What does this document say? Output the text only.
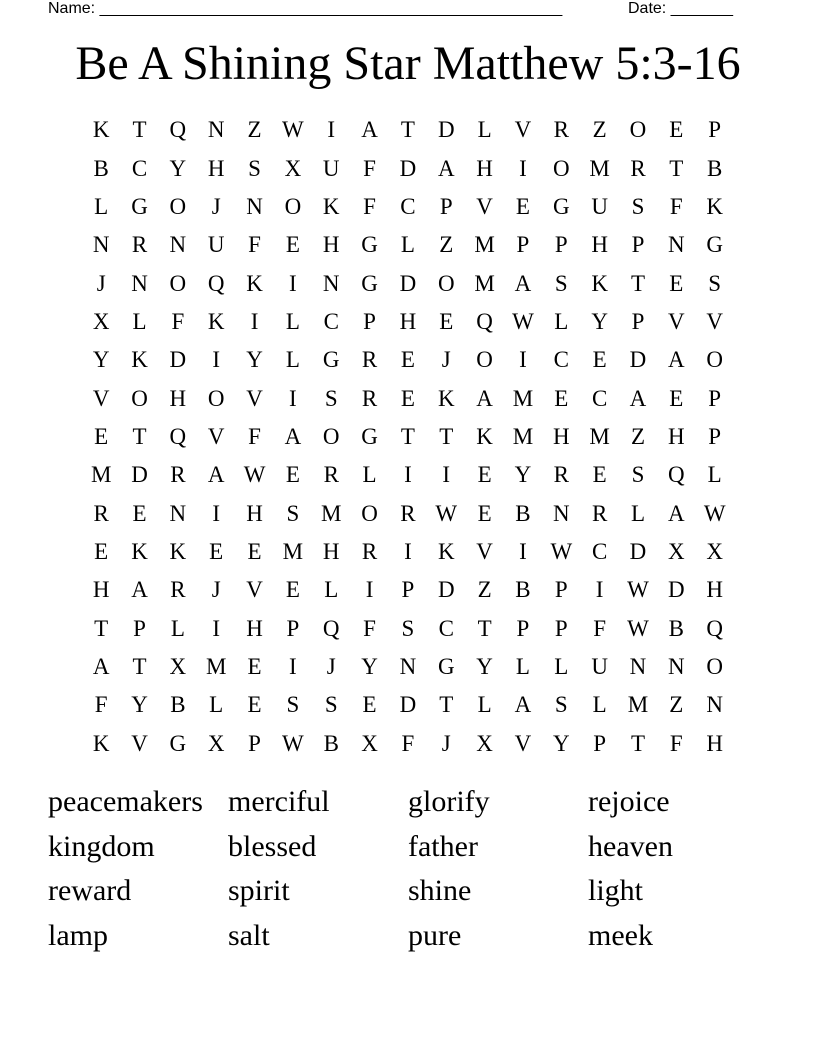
Name: ____________________________________________________	Date: _______
Be A Shining Star Matthew 5:3-16
K	T	Q N	Z W	I	A	T	D	L	V R	Z	O	E	P
B	C Y H	S	X U	F	D A H	I	O M R	T	B
L	G O	J	N O K	F	C	P	V	E	G U	S	F	K
N R N U	F	E	H G	L	Z M P	P	H	P	N G
J	N O Q K	I	N G D O M A	S	K	T	E	S
X	L	F	K	I	L	C	P	H	E	Q W L	Y	P	V V
Y K D	I	Y	L	G R	E	J	O	I	C	E	D A O
V O H O V	I	S	R	E	K A M E	C A	E	P
E	T	Q V	F	A O G	T	T	K M H M Z	H	P
M D R A W E	R	L	I	I	E	Y R	E	S	Q	L
R	E	N	I	H	S M O R W E	B N R	L	A W
E	K K	E	E M H R	I	K V	I	W C D X X
H A R	J	V	E	L	I	P	D	Z	B	P	I	W D H
T	P	L	I	H	P	Q	F	S	C	T	P	P	F W B Q
A	T	X M E	I	J	Y N G Y	L	L	U N N O
F	Y B	L	E	S	S	E	D	T	L	A	S	L M Z	N
K V G X	P W B X	F	J	X V Y	P	T	F	H
peacemakers merciful	glorify	rejoice
kingdom	blessed	father	heaven
reward	spirit	shine	light
lamp	salt	pure	meek
